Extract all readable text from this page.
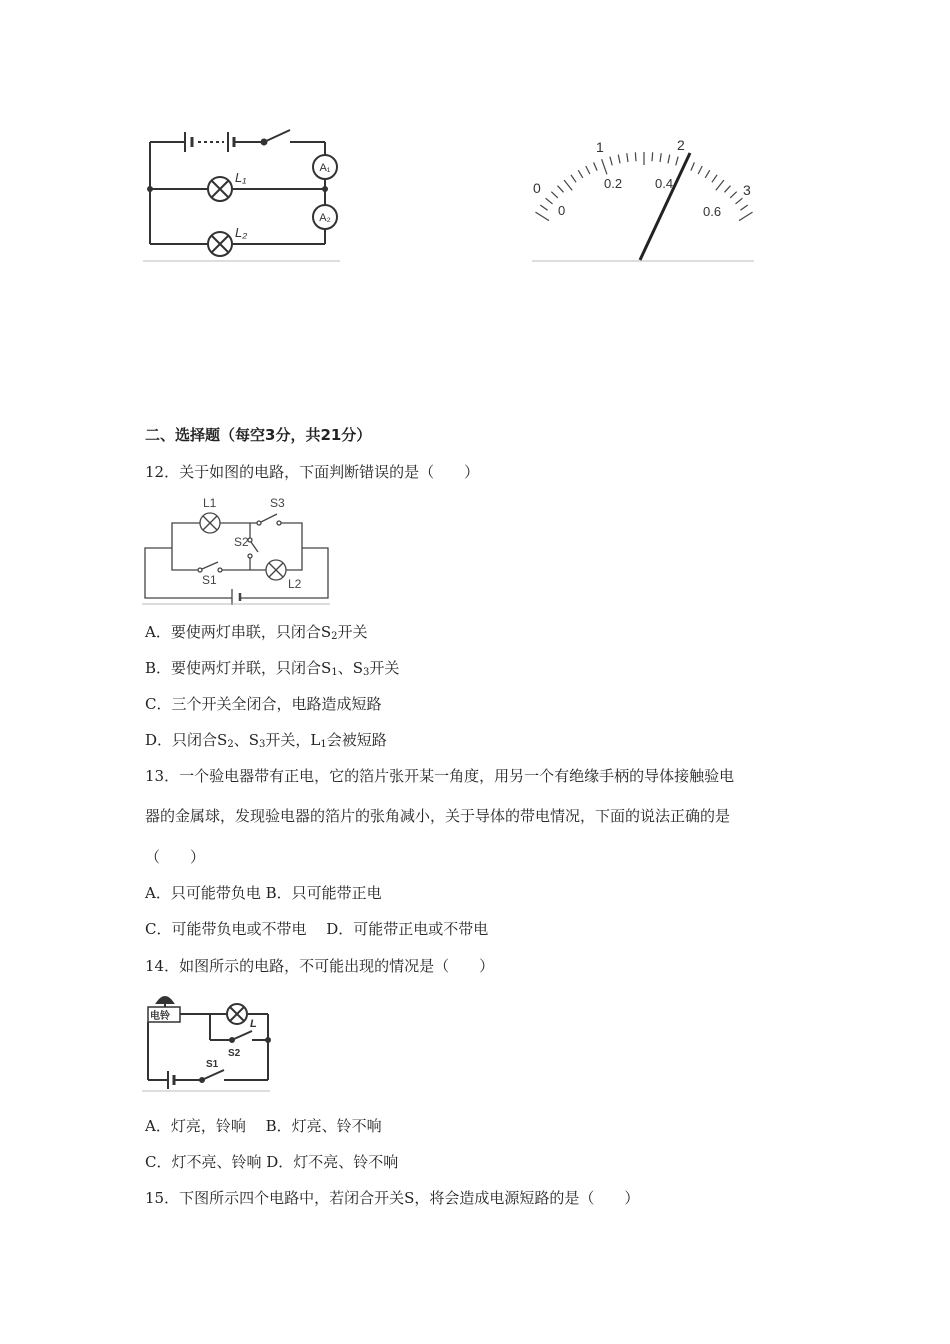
L₁
L₂
A₁
A₂
0
1	2
3
0
0.2	0.4
0.6
二、选择题（每空3分，共21分）
12．关于如图的电路，下面判断错误的是（　　）
L1	S3
S2
S1	L2
A．要使两灯串联，只闭合$S_2$开关
B．要使两灯并联，只闭合$S_1$、$S_3$开关
C．三个开关全闭合，电路造成短路
D．只闭合$S_2$、$S_3$开关，$L_1$会被短路
13．一个验电器带有正电，它的箔片张开某一角度，用另一个有绝缘手柄的导体接触验电
器的金属球，发现验电器的箔片的张角减小，关于导体的带电情况，下面的说法正确的是
（　　）
A．只可能带负电 B．只可能带正电
C．可能带负电或不带电　 D．可能带正电或不带电
14．如图所示的电路，不可能出现的情况是（　　）
电铃
L
S2
S1
A．灯亮，铃响　 B．灯亮、铃不响
C．灯不亮、铃响 D．灯不亮、铃不响
15．下图所示四个电路中，若闭合开关S，将会造成电源短路的是（　　）
